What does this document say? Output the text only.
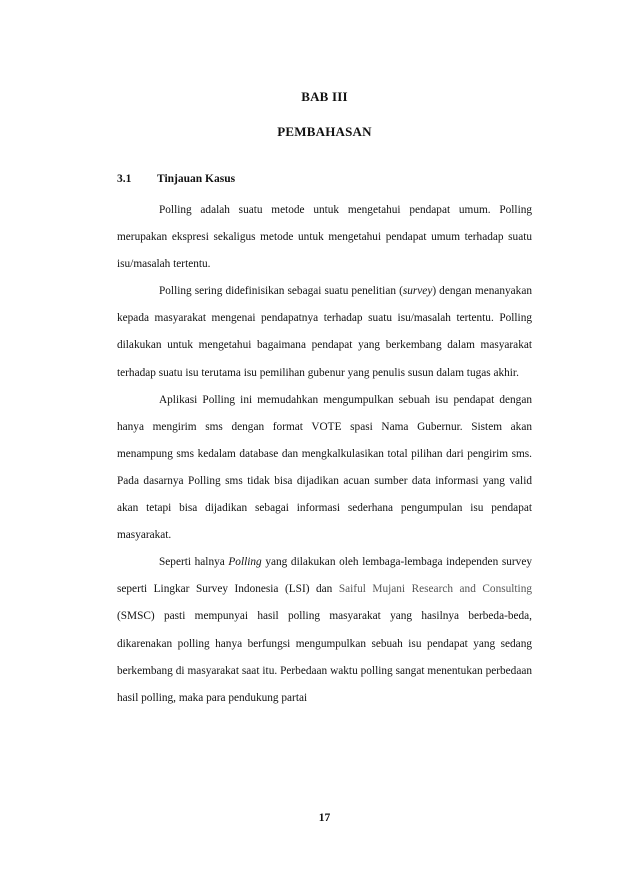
BAB III
PEMBAHASAN
3.1 Tinjauan Kasus

Polling adalah suatu metode untuk mengetahui pendapat umum. Polling merupakan ekspresi sekaligus metode untuk mengetahui pendapat umum terhadap suatu isu/masalah tertentu.

Polling sering didefinisikan sebagai suatu penelitian (survey) dengan menanyakan kepada masyarakat mengenai pendapatnya terhadap suatu isu/masalah tertentu. Polling dilakukan untuk mengetahui bagaimana pendapat yang berkembang dalam masyarakat terhadap suatu isu terutama isu pemilihan gubenur yang penulis susun dalam tugas akhir.

Aplikasi Polling ini memudahkan mengumpulkan sebuah isu pendapat dengan hanya mengirim sms dengan format VOTE spasi Nama Gubernur. Sistem akan menampung sms kedalam database dan mengkalkulasikan total pilihan dari pengirim sms. Pada dasarnya Polling sms tidak bisa dijadikan acuan sumber data informasi yang valid akan tetapi bisa dijadikan sebagai informasi sederhana pengumpulan isu pendapat masyarakat.

Seperti halnya Polling yang dilakukan oleh lembaga-lembaga independen survey seperti Lingkar Survey Indonesia (LSI) dan Saiful Mujani Research and Consulting (SMSC) pasti mempunyai hasil polling masyarakat yang hasilnya berbeda-beda, dikarenakan polling hanya berfungsi mengumpulkan sebuah isu pendapat yang sedang berkembang di masyarakat saat itu. Perbedaan waktu polling sangat menentukan perbedaan hasil polling, maka para pendukung partai

17
